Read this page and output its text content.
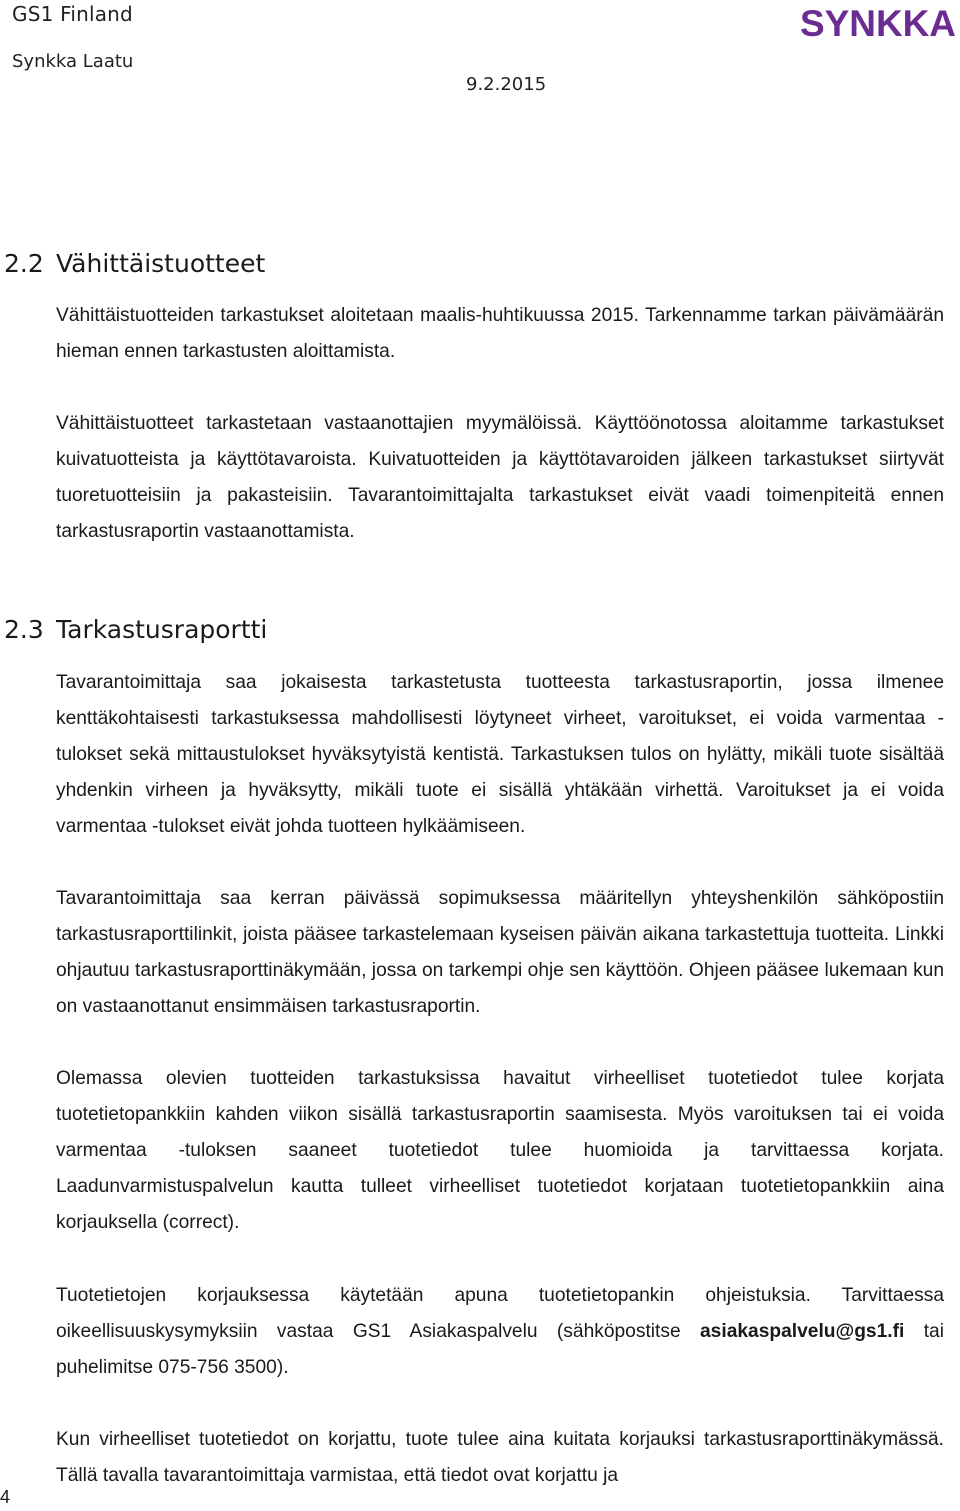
GS1 Finland
Synkka Laatu
9.2.2015
SYNKKA
2.2 Vähittäistuotteet

Vähittäistuotteiden tarkastukset aloitetaan maalis-huhtikuussa 2015. Tarkennamme tarkan päivämäärän hieman ennen tarkastusten aloittamista.

Vähittäistuotteet tarkastetaan vastaanottajien myymälöissä. Käyttöönotossa aloitamme tarkastukset kuivatuotteista ja käyttötavaroista. Kuivatuotteiden ja käyttötavaroiden jälkeen tarkastukset siirtyvät tuoretuotteisiin ja pakasteisiin. Tavarantoimittajalta tarkastukset eivät vaadi toimenpiteitä ennen tarkastusraportin vastaanottamista.

2.3 Tarkastusraportti

Tavarantoimittaja saa jokaisesta tarkastetusta tuotteesta tarkastusraportin, jossa ilmenee kenttäkohtaisesti tarkastuksessa mahdollisesti löytyneet virheet, varoitukset, ei voida varmentaa -tulokset sekä mittaustulokset hyväksytyistä kentistä. Tarkastuksen tulos on hylätty, mikäli tuote sisältää yhdenkin virheen ja hyväksytty, mikäli tuote ei sisällä yhtäkään virhettä. Varoitukset ja ei voida varmentaa -tulokset eivät johda tuotteen hylkäämiseen.

Tavarantoimittaja saa kerran päivässä sopimuksessa määritellyn yhteyshenkilön sähköpostiin tarkastusraporttilinkit, joista pääsee tarkastelemaan kyseisen päivän aikana tarkastettuja tuotteita. Linkki ohjautuu tarkastusraporttinäkymään, jossa on tarkempi ohje sen käyttöön. Ohjeen pääsee lukemaan kun on vastaanottanut ensimmäisen tarkastusraportin.

Olemassa olevien tuotteiden tarkastuksissa havaitut virheelliset tuotetiedot tulee korjata tuotetietopankkiin kahden viikon sisällä tarkastusraportin saamisesta. Myös varoituksen tai ei voida varmentaa -tuloksen saaneet tuotetiedot tulee huomioida ja tarvittaessa korjata. Laadunvarmistuspalvelun kautta tulleet virheelliset tuotetiedot korjataan tuotetietopankkiin aina korjauksella (correct).

Tuotetietojen korjauksessa käytetään apuna tuotetietopankin ohjeistuksia. Tarvittaessa oikeellisuuskysymyksiin vastaa GS1 Asiakaspalvelu (sähköpostitse asiakaspalvelu@gs1.fi tai puhelimitse 075-756 3500).

Kun virheelliset tuotetiedot on korjattu, tuote tulee aina kuitata korjauksi tarkastusraporttinäkymässä. Tällä tavalla tavarantoimittaja varmistaa, että tiedot ovat korjattu ja

4
